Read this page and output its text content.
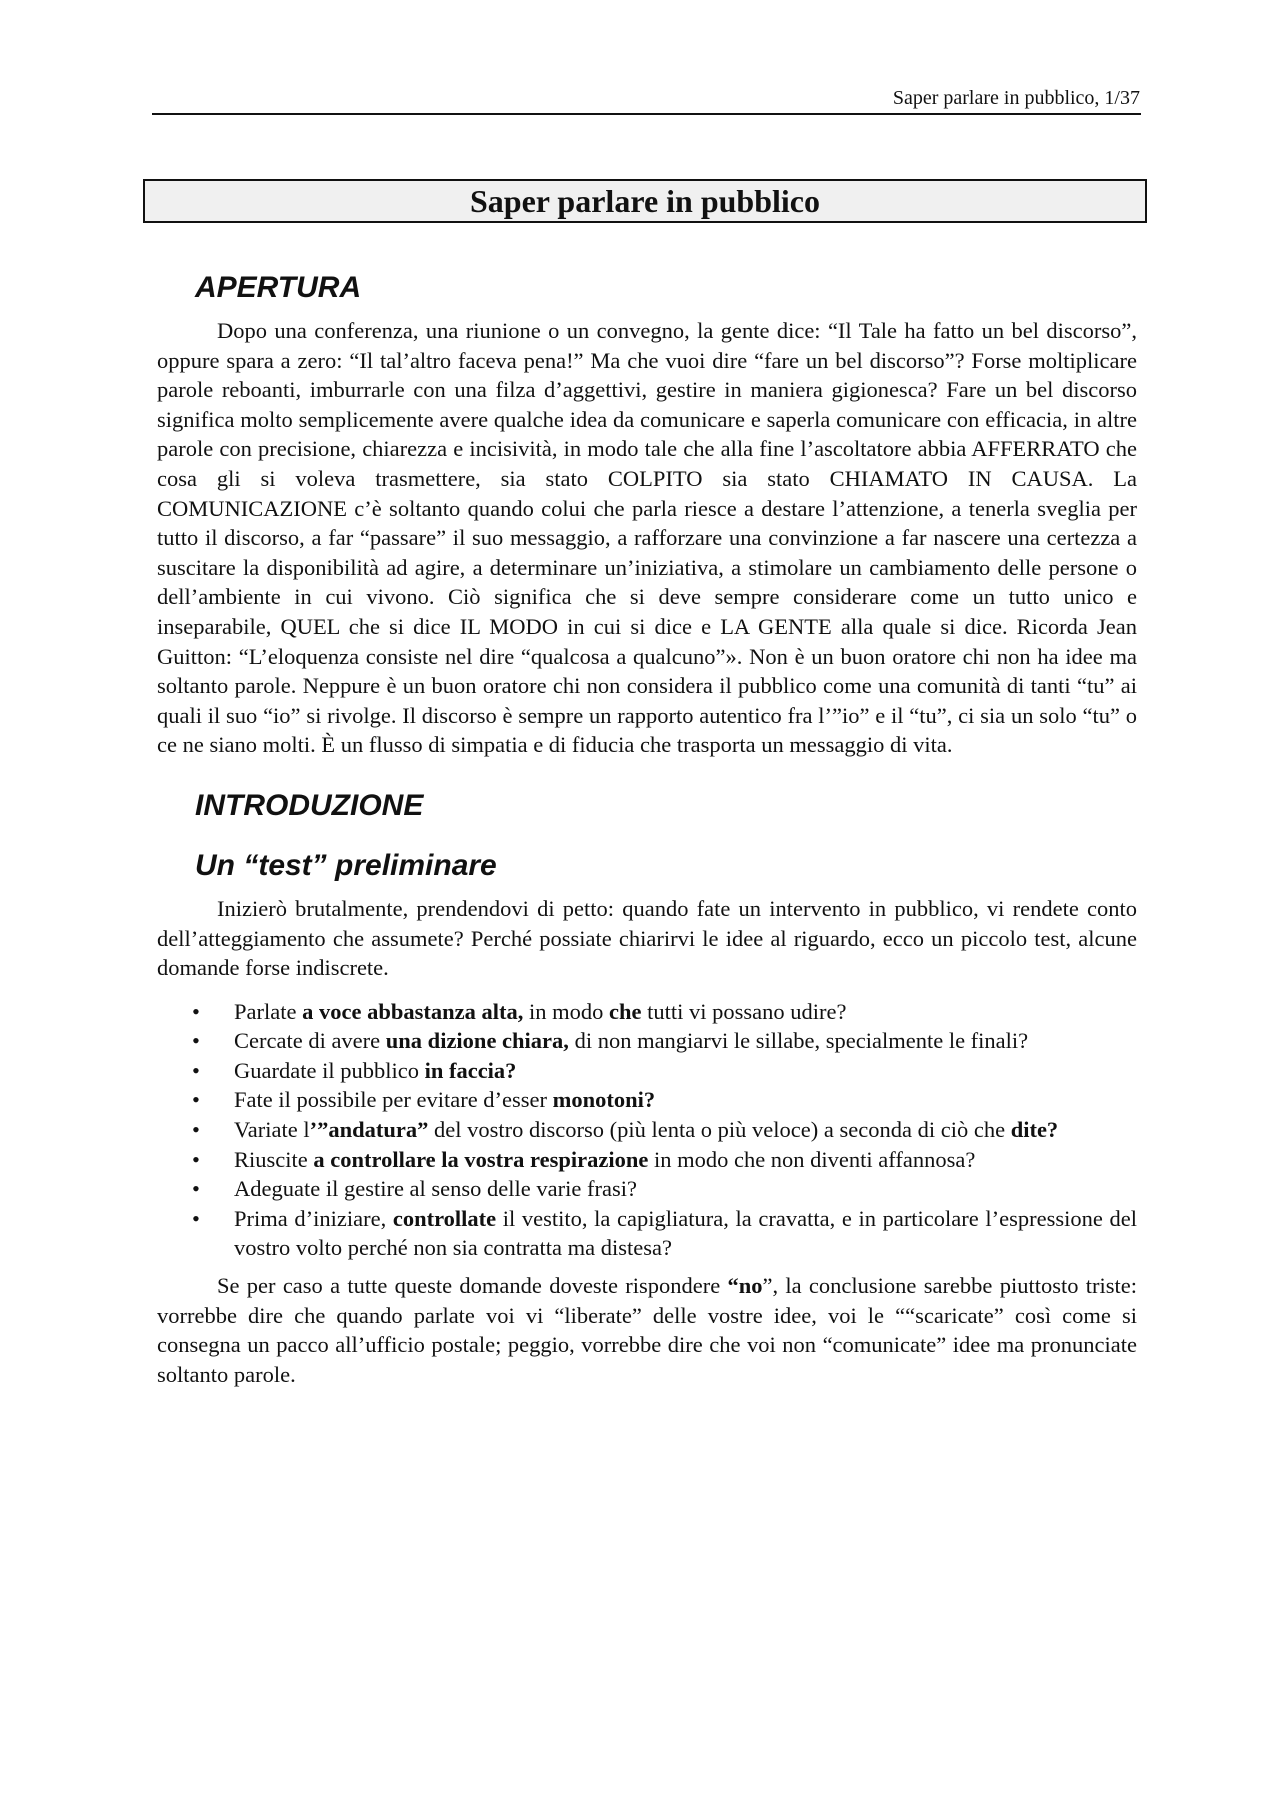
Saper parlare in pubblico, 1/37
Saper parlare in pubblico
APERTURA

Dopo una conferenza, una riunione o un convegno, la gente dice: “Il Tale ha fatto un bel discorso”, oppure spara a zero: “Il tal’altro faceva pena!” Ma che vuoi dire “fare un bel discorso”? Forse moltiplicare parole reboanti, imburrarle con una filza d’aggettivi, gestire in maniera gigionesca? Fare un bel discorso significa molto semplicemente avere qualche idea da comunicare e saperla comunicare con efficacia, in altre parole con precisione, chiarezza e incisività, in modo tale che alla fine l’ascoltatore abbia AFFERRATO che cosa gli si voleva trasmettere, sia stato COLPITO sia stato CHIAMATO IN CAUSA. La COMUNICAZIONE c’è soltanto quando colui che parla riesce a destare l’attenzione, a tenerla sveglia per tutto il discorso, a far “passare” il suo messaggio, a rafforzare una convinzione a far nascere una certezza a suscitare la disponibilità ad agire, a determinare un’iniziativa, a stimolare un cambiamento delle persone o dell’ambiente in cui vivono. Ciò significa che si deve sempre considerare come un tutto unico e inseparabile, QUEL che si dice IL MODO in cui si dice e LA GENTE alla quale si dice. Ricorda Jean Guitton: “L’eloquenza consiste nel dire “qualcosa a qualcuno”». Non è un buon oratore chi non ha idee ma soltanto parole. Neppure è un buon oratore chi non considera il pubblico come una comunità di tanti “tu” ai quali il suo “io” si rivolge. Il discorso è sempre un rapporto autentico fra l’”io” e il “tu”, ci sia un solo “tu” o ce ne siano molti. È un flusso di simpatia e di fiducia che trasporta un messaggio di vita.

INTRODUZIONE
Un “test” preliminare

Inizierò brutalmente, prendendovi di petto: quando fate un intervento in pubblico, vi rendete conto dell’atteggiamento che assumete? Perché possiate chiarirvi le idee al riguardo, ecco un piccolo test, alcune domande forse indiscrete.

• Parlate a voce abbastanza alta, in modo che tutti vi possano udire?
• Cercate di avere una dizione chiara, di non mangiarvi le sillabe, specialmente le finali?
• Guardate il pubblico in faccia?
• Fate il possibile per evitare d’esser monotoni?
• Variate l’”andatura” del vostro discorso (più lenta o più veloce) a seconda di ciò che dite?
• Riuscite a controllare la vostra respirazione in modo che non diventi affannosa?
• Adeguate il gestire al senso delle varie frasi?
• Prima d’iniziare, controllate il vestito, la capigliatura, la cravatta, e in particolare l’espressione del vostro volto perché non sia contratta ma distesa?

Se per caso a tutte queste domande doveste rispondere “no”, la conclusione sarebbe piuttosto triste: vorrebbe dire che quando parlate voi vi “liberate” delle vostre idee, voi le ““scaricate” così come si consegna un pacco all’ufficio postale; peggio, vorrebbe dire che voi non “comunicate” idee ma pronunciate soltanto parole.
